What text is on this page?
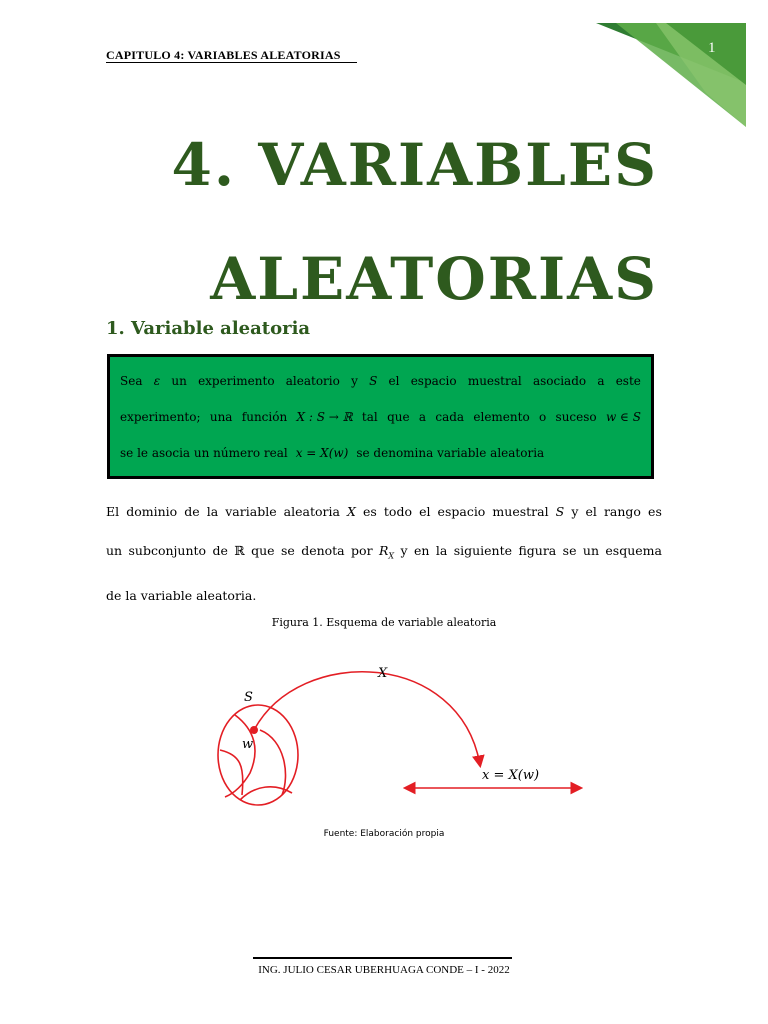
CAPITULO 4: VARIABLES ALEATORIAS	1
4. VARIABLES
ALEATORIAS
1. Variable aleatoria
Sea ε un experimento aleatorio y S el espacio muestral asociado a este
experimento; una función X : S → ℝ tal que a cada elemento o suceso w ∈ S
se le asocia un número real x = X(w) se denomina variable aleatoria
El dominio de la variable aleatoria X es todo el espacio muestral S y el rango es
un subconjunto de ℝ que se denota por $R_X$ y en la siguiente figura se un esquema
de la variable aleatoria.
Figura 1. Esquema de variable aleatoria
X
S
w
x = X(w)
Fuente: Elaboración propia
ING. JULIO CESAR UBERHUAGA CONDE – I - 2022
